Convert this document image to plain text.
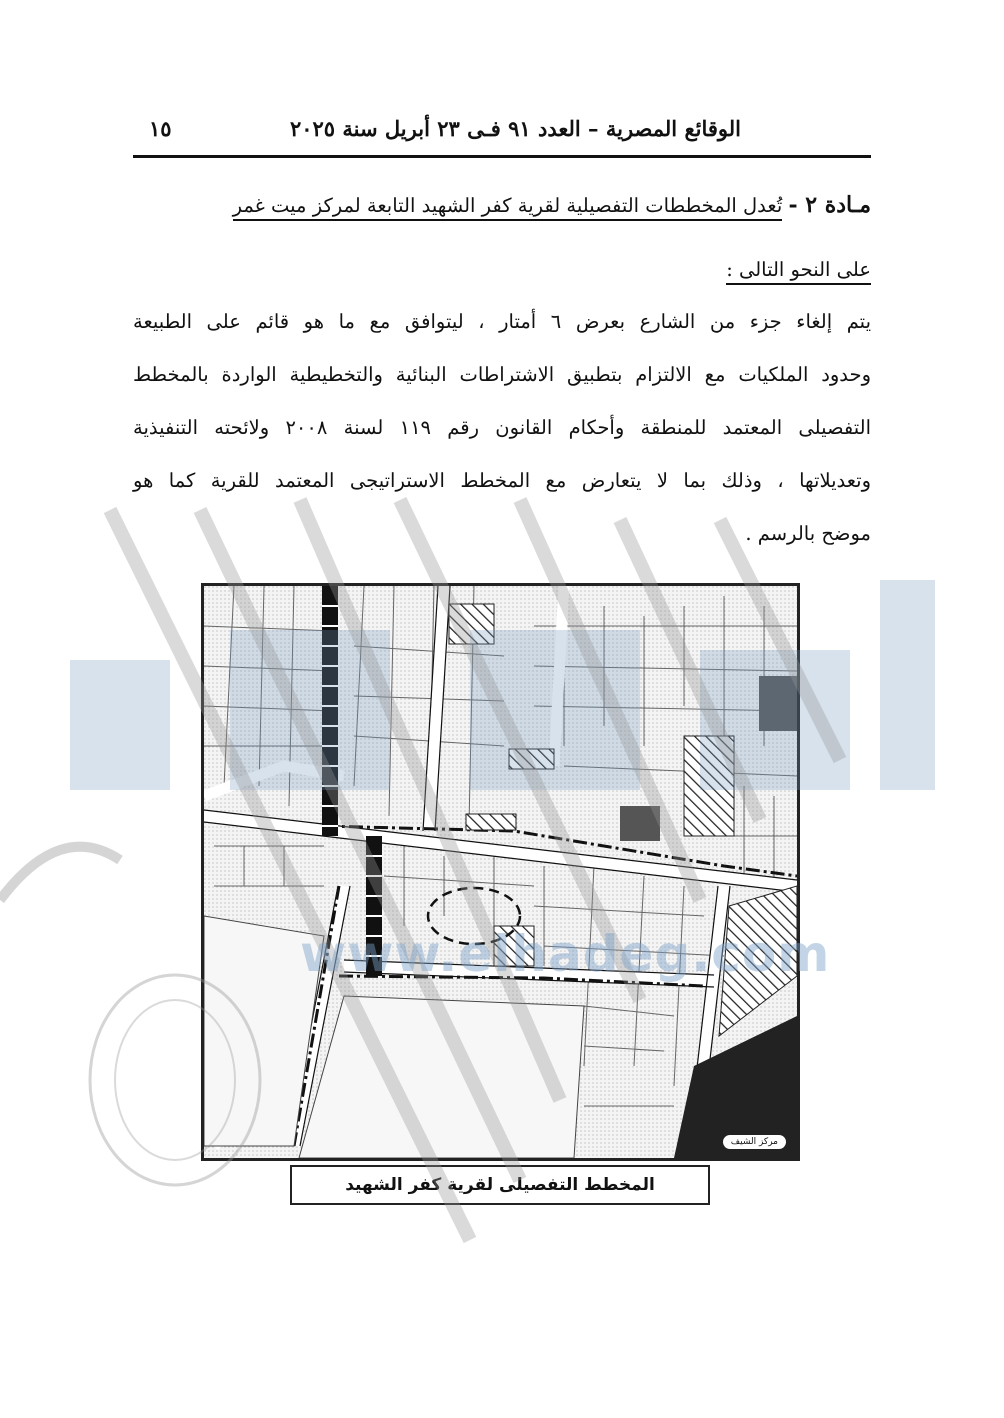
الوقائع المصرية – العدد ٩١ فـى ٢٣ أبريل سنة ٢٠٢٥
١٥
مـادة ٢ - تُعدل المخططات التفصيلية لقرية كفر الشهيد التابعة لمركز ميت غمر
على النحو التالى :
يتم إلغاء جزء من الشارع بعرض ٦ أمتار ، ليتوافق مع ما هو قائم على الطبيعة
وحدود الملكيات مع الالتزام بتطبيق الاشتراطات البنائية والتخطيطية الواردة بالمخطط
التفصيلى المعتمد للمنطقة وأحكام القانون رقم ١١٩ لسنة ٢٠٠٨ ولائحته التنفيذية
وتعديلاتها ، وذلك بما لا يتعارض مع المخطط الاستراتيجى المعتمد للقرية كما هو
موضح بالرسم .
مركز الشيف
المخطط التفصيلى لقرية كفر الشهيد
www.elhadeg.com
